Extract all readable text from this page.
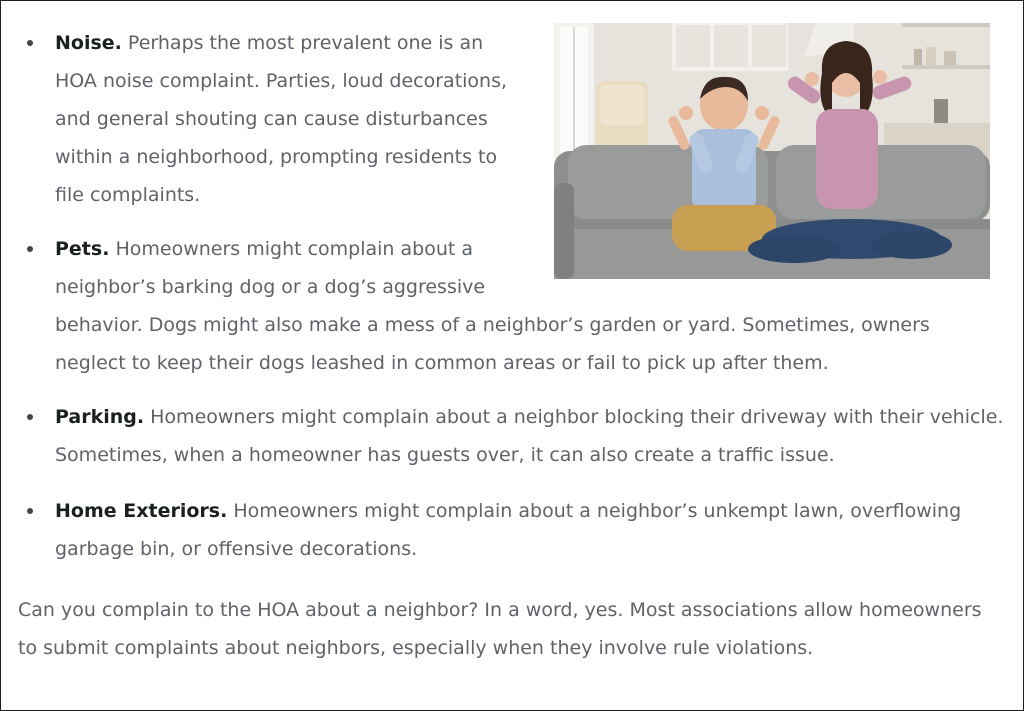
Noise. Perhaps the most prevalent one is an
HOA noise complaint. Parties, loud decorations,
and general shouting can cause disturbances
within a neighborhood, prompting residents to
file complaints.
Pets. Homeowners might complain about a
neighbor’s barking dog or a dog’s aggressive
behavior. Dogs might also make a mess of a neighbor’s garden or yard. Sometimes, owners
neglect to keep their dogs leashed in common areas or fail to pick up after them.
Parking. Homeowners might complain about a neighbor blocking their driveway with their vehicle.
Sometimes, when a homeowner has guests over, it can also create a traffic issue.
Home Exteriors. Homeowners might complain about a neighbor’s unkempt lawn, overflowing
garbage bin, or offensive decorations.

Can you complain to the HOA about a neighbor? In a word, yes. Most associations allow homeowners
to submit complaints about neighbors, especially when they involve rule violations.
